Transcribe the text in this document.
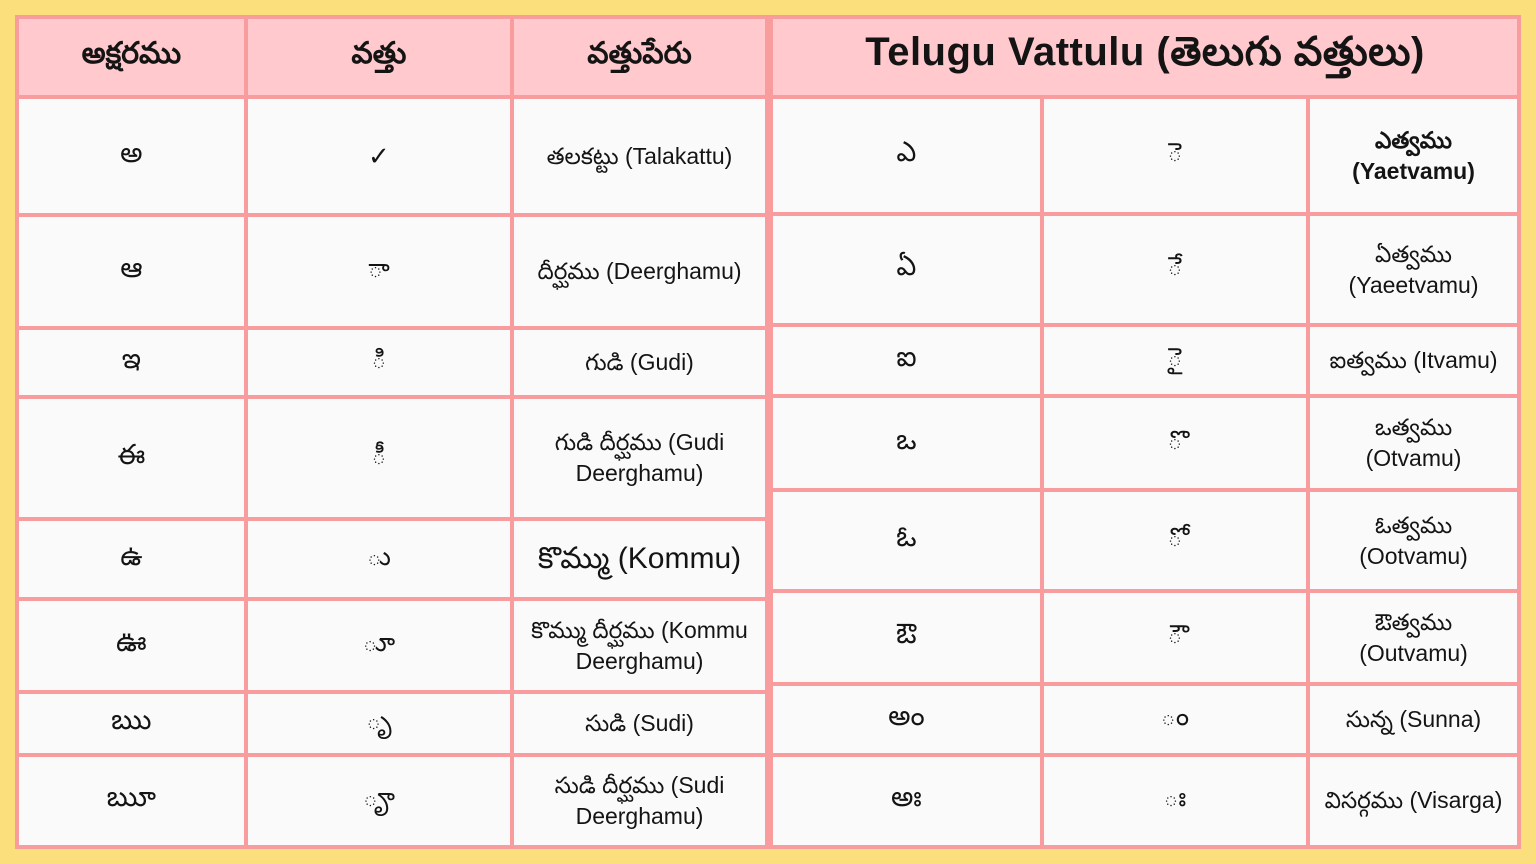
అక్షరము	వత్తు	వత్తుపేరు
అ	✓	తలకట్టు (Talakattu)
ఆ	ా	దీర్ఘము (Deerghamu)
ఇ	ి	గుడి (Gudi)
ఈ	ీ	గుడి దీర్ఘము (Gudi Deerghamu)
ఉ	ు	కొమ్ము (Kommu)
ఊ	ూ	కొమ్ము దీర్ఘము (Kommu Deerghamu)
ఋ	ృ	సుడి (Sudi)
ౠ	ౄ	సుడి దీర్ఘము (Sudi Deerghamu)
Telugu Vattulu (తెలుగు వత్తులు)		
ఎ	ె	ఎత్వము (Yaetvamu)
ఏ	ే	ఏత్వము (Yaeetvamu)
ఐ	ై	ఐత్వము (Itvamu)
ఒ	ొ	ఒత్వము (Otvamu)
ఓ	ో	ఓత్వము (Ootvamu)
ఔ	ౌ	ఔత్వము (Outvamu)
అం	ం	సున్న (Sunna)
అః	ః	విసర్గము (Visarga)
